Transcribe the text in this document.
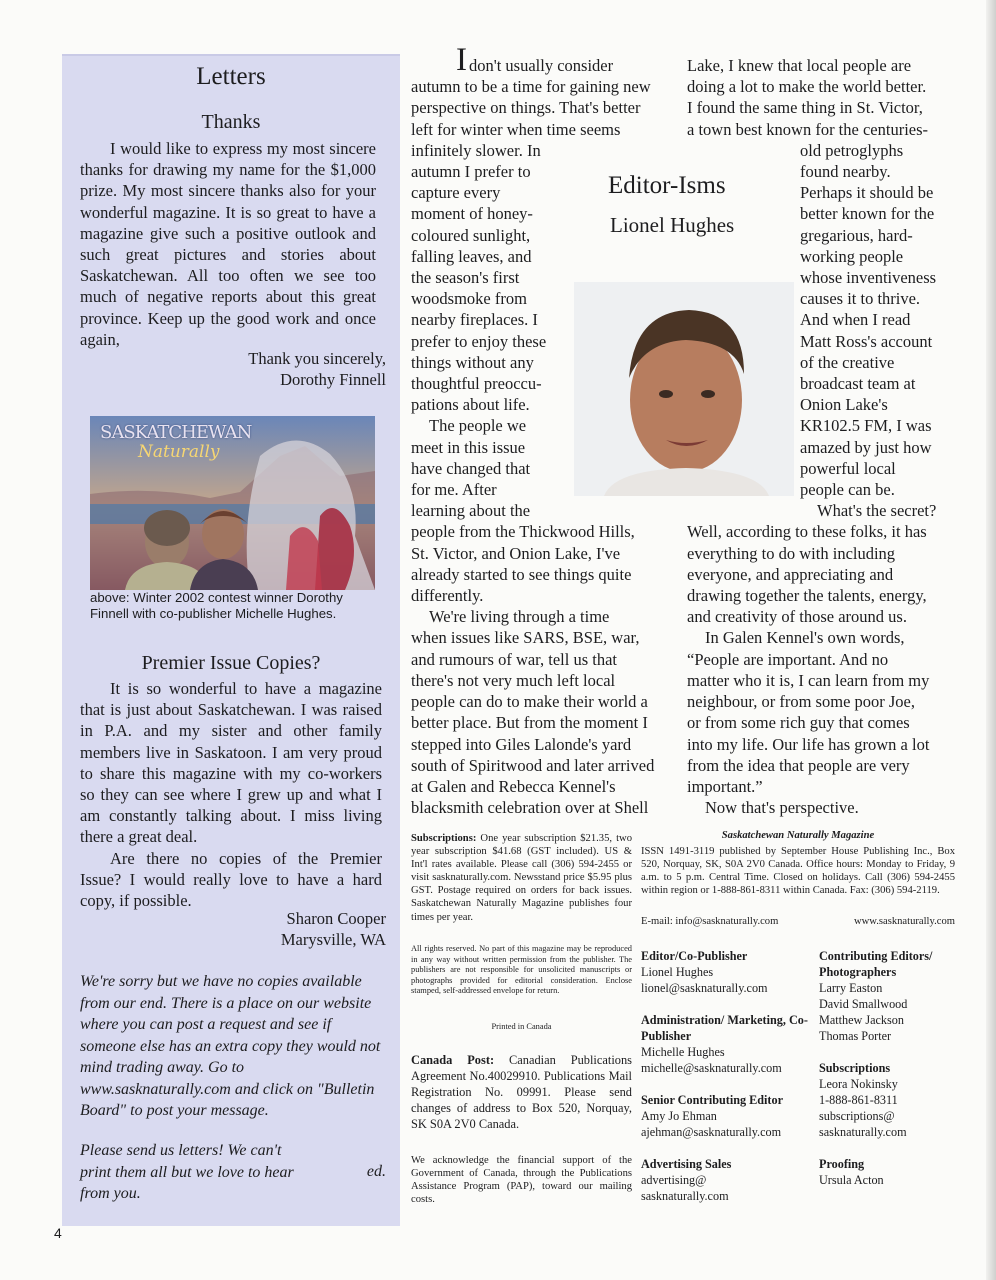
Letters
Thanks

I would like to express my most sincere thanks for drawing my name for the $1,000 prize. My most sincere thanks also for your wonderful magazine. It is so great to have a magazine give such a positive outlook and such great pictures and stories about Saskatchewan. All too often we see too much of negative reports about this great province. Keep up the good work and once again,

Thank you sincerely,
Dorothy Finnell
SASKATCHEWAN
Naturally
above: Winter 2002 contest winner Dorothy
Finnell with co-publisher Michelle Hughes.
Premier Issue Copies?

It is so wonderful to have a magazine that is just about Saskatchewan. I was raised in P.A. and my sister and other family members live in Saskatoon. I am very proud to share this magazine with my co-workers so they can see where I grew up and what I am constantly talking about. I miss living there a great deal.

Are there no copies of the Premier Issue? I would really love to have a hard copy, if possible.

Sharon Cooper
Marysville, WA
We're sorry but we have no copies available from our end. There is a place on our website where you can post a request and see if someone else has an extra copy they would not mind trading away. Go to www.sasknaturally.com and click on "Bulletin Board" to post your message.
Please send us letters! We can't print them all but we love to hear from you.
ed.
I don't usually consider
autumn to be a time for gaining new
perspective on things. That's better
left for winter when time seems
infinitely slower. In
autumn I prefer to
capture every
moment of honey-
coloured sunlight,
falling leaves, and
the season's first
woodsmoke from
nearby fireplaces. I
prefer to enjoy these
things without any
thoughtful preoccu-
pations about life.
The people we
meet in this issue
have changed that
for me. After
learning about the
people from the Thickwood Hills,
St. Victor, and Onion Lake, I've
already started to see things quite
differently.
We're living through a time
when issues like SARS, BSE, war,
and rumours of war, tell us that
there's not very much left local
people can do to make their world a
better place. But from the moment I
stepped into Giles Lalonde's yard
south of Spiritwood and later arrived
at Galen and Rebecca Kennel's
blacksmith celebration over at Shell
Lake, I knew that local people are
doing a lot to make the world better.
I found the same thing in St. Victor,
a town best known for the centuries-
old petroglyphs
found nearby.
Perhaps it should be
better known for the
gregarious, hard-
working people
whose inventiveness
causes it to thrive.
And when I read
Matt Ross's account
of the creative
broadcast team at
Onion Lake's
KR102.5 FM, I was
amazed by just how
powerful local
people can be.
What's the secret?
Well, according to these folks, it has
everything to do with including
everyone, and appreciating and
drawing together the talents, energy,
and creativity of those around us.
In Galen Kennel's own words,
“People are important. And no
matter who it is, I can learn from my
neighbour, or from some poor Joe,
or from some rich guy that comes
into my life. Our life has grown a lot
from the idea that people are very
important.”
Now that's perspective.
Editor-Isms
Lionel Hughes
Subscriptions: One year subscription $21.35, two year subscription $41.68 (GST included). US & Int'l rates available. Please call (306) 594-2455 or visit sasknaturally.com. Newsstand price $5.95 plus GST. Postage required on orders for back issues. Saskatchewan Naturally Magazine publishes four times per year.
All rights reserved. No part of this magazine may be reproduced in any way without written permission from the publisher. The publishers are not responsible for unsolicited manuscripts or photographs provided for editorial consideration. Enclose stamped, self-addressed envelope for return.
Printed in Canada
Canada Post: Canadian Publications Agreement No.40029910. Publications Mail Registration No. 09991. Please send changes of address to Box 520, Norquay, SK S0A 2V0 Canada.
We acknowledge the financial support of the Government of Canada, through the Publications Assistance Program (PAP), toward our mailing costs.
Saskatchewan Naturally Magazine
ISSN 1491-3119 published by September House Publishing Inc., Box 520, Norquay, SK, S0A 2V0 Canada. Office hours: Monday to Friday, 9 a.m. to 5 p.m. Central Time. Closed on holidays. Call (306) 594-2455 within region or 1-888-861-8311 within Canada. Fax: (306) 594-2119.
E-mail: info@sasknaturally.com	www.sasknaturally.com
Editor/Co-Publisher
Lionel Hughes
lionel@sasknaturally.com
Administration/ Marketing, Co-Publisher
Michelle Hughes
michelle@sasknaturally.com
Senior Contributing Editor
Amy Jo Ehman
ajehman@sasknaturally.com
Advertising Sales
advertising@
sasknaturally.com
Contributing Editors/ Photographers
Larry Easton
David Smallwood
Matthew Jackson
Thomas Porter
Subscriptions
Leora Nokinsky
1-888-861-8311
subscriptions@
sasknaturally.com
Proofing
Ursula Acton
4
